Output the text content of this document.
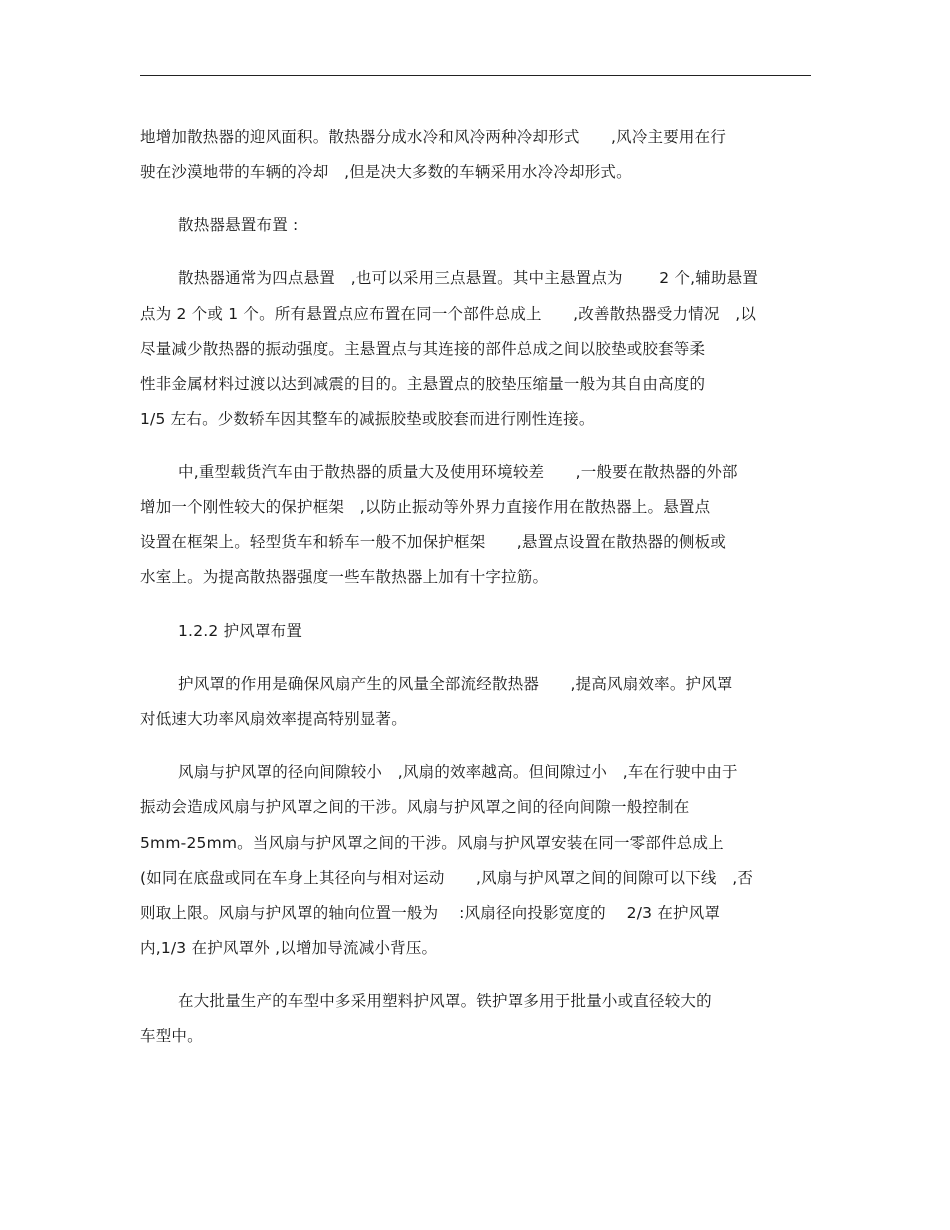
地增加散热器的迎风面积。散热器分成水冷和风冷两种冷却形式　　,风冷主要用在行
驶在沙漠地带的车辆的冷却　,但是决大多数的车辆采用水冷冷却形式。
散热器悬置布置 :
散热器通常为四点悬置　,也可以采用三点悬置。其中主悬置点为　　 2 个,辅助悬置
点为 2 个或 1 个。所有悬置点应布置在同一个部件总成上　　,改善散热器受力情况　,以
尽量减少散热器的振动强度。主悬置点与其连接的部件总成之间以胶垫或胶套等柔
性非金属材料过渡以达到减震的目的。主悬置点的胶垫压缩量一般为其自由高度的
1/5 左右。少数轿车因其整车的减振胶垫或胶套而进行刚性连接。
中,重型载货汽车由于散热器的质量大及使用环境较差　　,一般要在散热器的外部
增加一个刚性较大的保护框架　,以防止振动等外界力直接作用在散热器上。悬置点
设置在框架上。轻型货车和轿车一般不加保护框架　　,悬置点设置在散热器的侧板或
水室上。为提高散热器强度一些车散热器上加有十字拉筋。
1.2.2 护风罩布置
护风罩的作用是确保风扇产生的风量全部流经散热器　　,提高风扇效率。护风罩
对低速大功率风扇效率提高特别显著。
风扇与护风罩的径向间隙较小　,风扇的效率越高。但间隙过小　,车在行驶中由于
振动会造成风扇与护风罩之间的干涉。风扇与护风罩之间的径向间隙一般控制在
5mm-25mm。当风扇与护风罩之间的干涉。风扇与护风罩安装在同一零部件总成上
(如同在底盘或同在车身上其径向与相对运动　　,风扇与护风罩之间的间隙可以下线　,否
则取上限。风扇与护风罩的轴向位置一般为　 :风扇径向投影宽度的　 2/3 在护风罩
内,1/3 在护风罩外 ,以增加导流减小背压。
在大批量生产的车型中多采用塑料护风罩。铁护罩多用于批量小或直径较大的
车型中。
